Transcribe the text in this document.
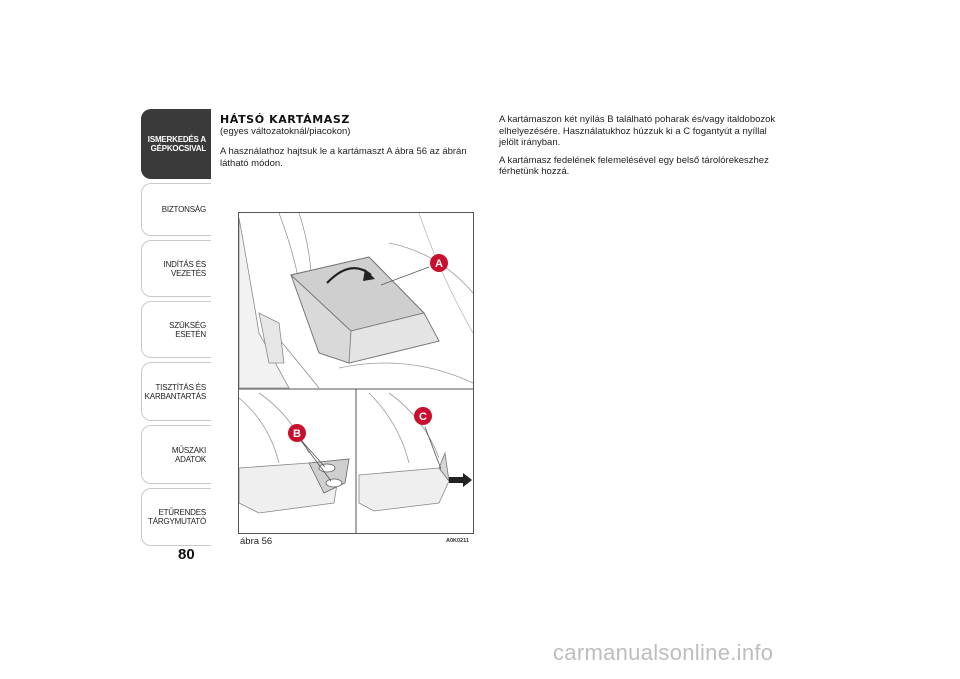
ISMERKEDÉS A
GÉPKOCSIVAL
BIZTONSÁG
INDÍTÁS ÉS VEZETÉS
SZÜKSÉG ESETÉN
TISZTÍTÁS ÉS
KARBANTARTÁS
MŰSZAKI ADATOK
ETŰRENDES
TÁRGYMUTATÓ
80
HÁTSÓ KARTÁMASZ
(egyes változatoknál/piacokon)
A használathoz hajtsuk le a kartámaszt A ábra 56 az ábrán látható módon.
A
B
C
ábra 56	A0K0211

A kartámaszon két nyílás B található poharak és/vagy italdobozok elhelyezésére. Használatukhoz húzzuk ki a C fogantyút a nyíllal jelölt irányban.

A kartámasz fedelének felemelésével egy belső tárolórekeszhez férhetünk hozzá.

carmanualsonline.info
